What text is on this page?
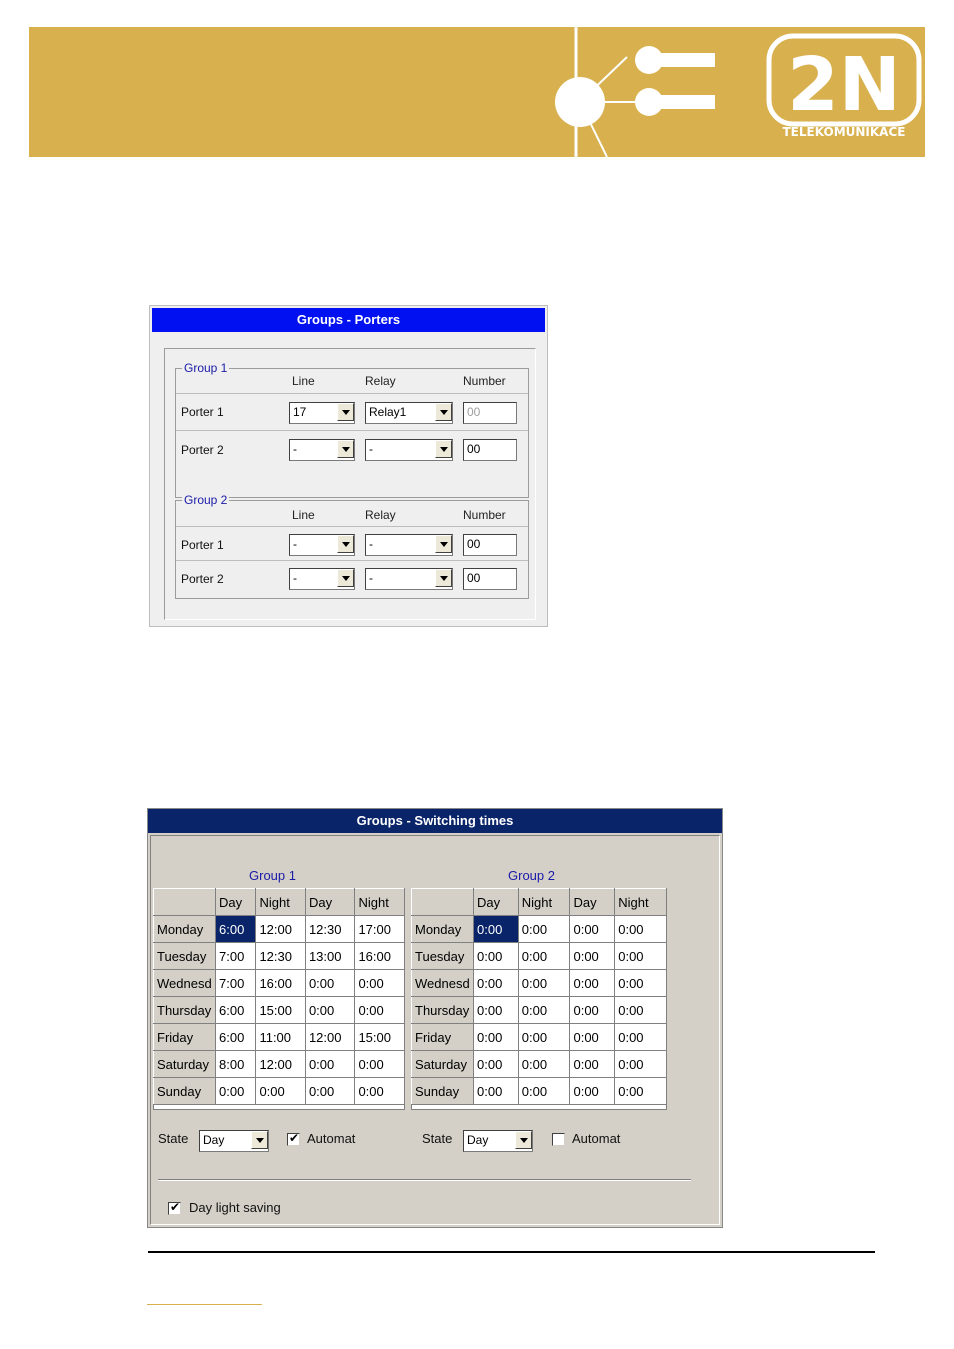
2N
TELEKOMUNIKACE
Groups - Porters
Group 1
Line	Relay	Number
Porter 1	17	Relay1	00
Porter 2	-	-	00
Group 2
Line	Relay	Number
Porter 1	-	-	00
Porter 2	-	-	00
Groups - Switching times
Group 1	Group 2
	Day	Night	Day	Night
Monday	6:00	12:00	12:30	17:00
Tuesday	7:00	12:30	13:00	16:00
Wednesd	7:00	16:00	0:00	0:00
Thursday	6:00	15:00	0:00	0:00
Friday	6:00	11:00	12:00	15:00
Saturday	8:00	12:00	0:00	0:00
Sunday	0:00	0:00	0:00	0:00

	Day	Night	Day	Night
Monday	0:00	0:00	0:00	0:00
Tuesday	0:00	0:00	0:00	0:00
Wednesd	0:00	0:00	0:00	0:00
Thursday	0:00	0:00	0:00	0:00
Friday	0:00	0:00	0:00	0:00
Saturday	0:00	0:00	0:00	0:00
Sunday	0:00	0:00	0:00	0:00

State Day	✔ Automat	State Day	Automat
✔ Day light saving
